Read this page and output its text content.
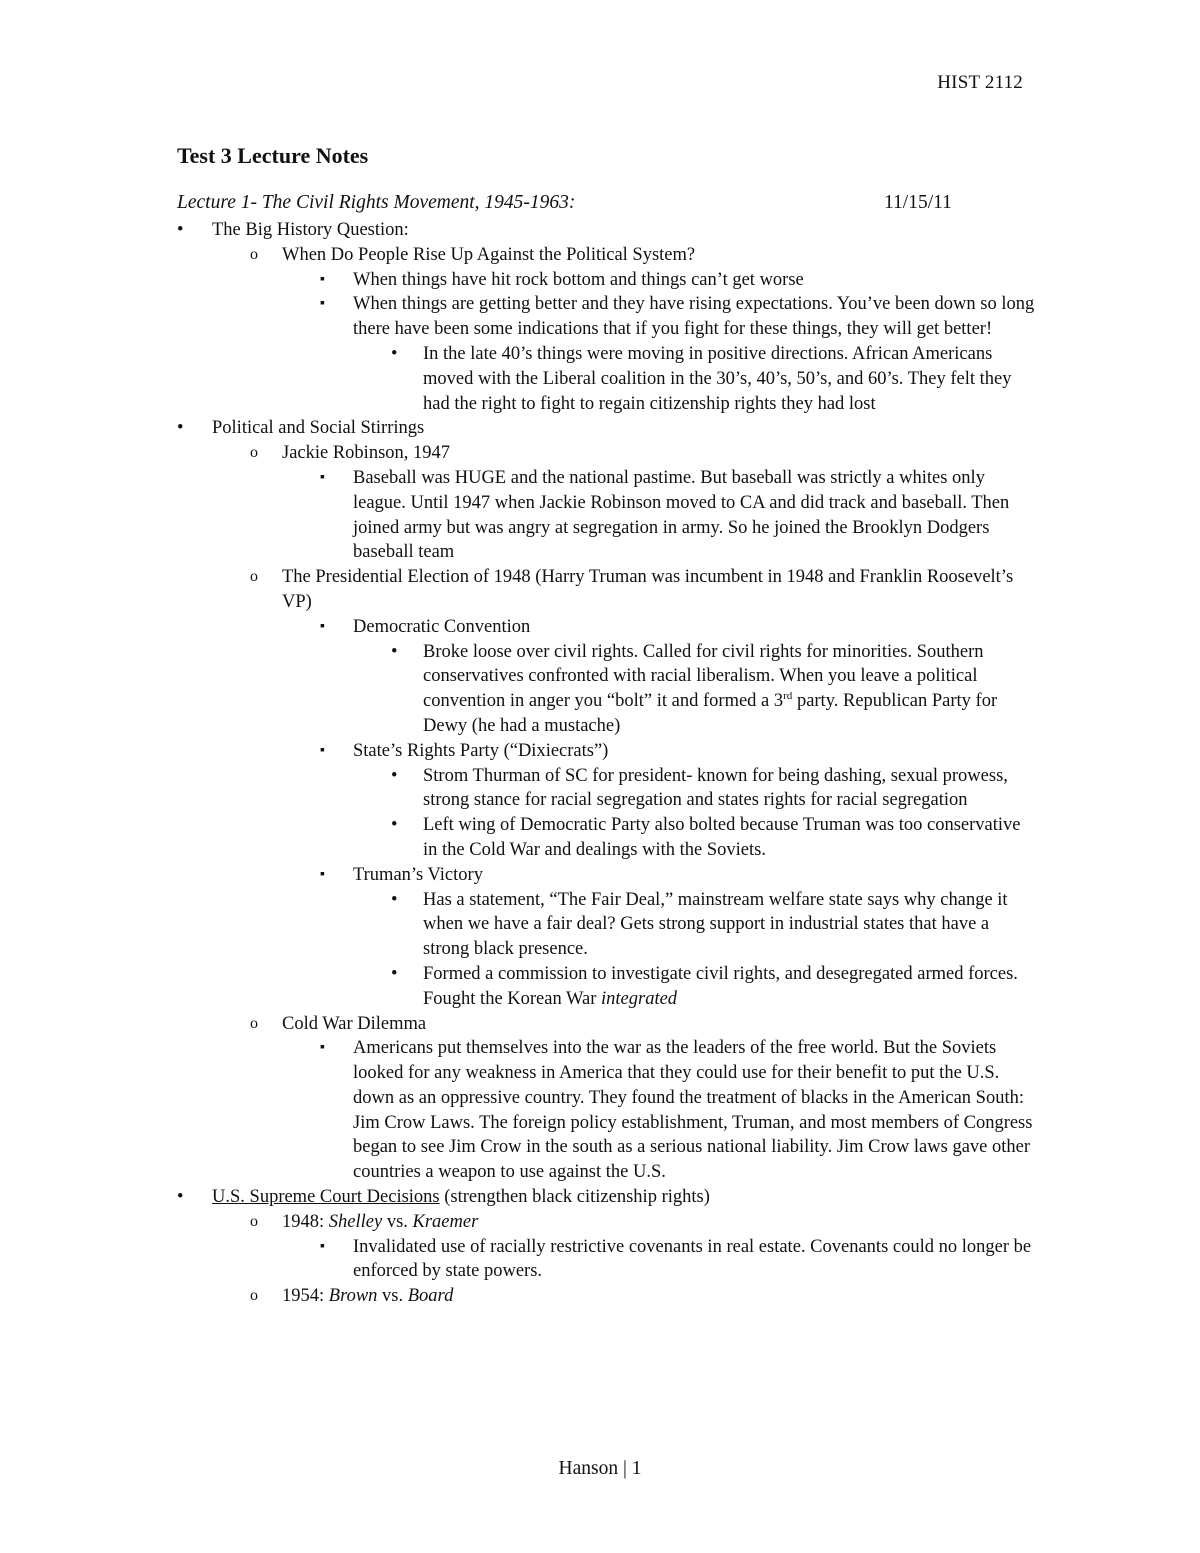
HIST 2112
Test 3 Lecture Notes
Lecture 1- The Civil Rights Movement, 1945-1963:	11/15/11
• The Big History Question:
o When Do People Rise Up Against the Political System?
▪ When things have hit rock bottom and things can’t get worse
▪ When things are getting better and they have rising expectations. You’ve been down so long there have been some indications that if you fight for these things, they will get better!
• In the late 40’s things were moving in positive directions. African Americans moved with the Liberal coalition in the 30’s, 40’s, 50’s, and 60’s. They felt they had the right to fight to regain citizenship rights they had lost
• Political and Social Stirrings
o Jackie Robinson, 1947
▪ Baseball was HUGE and the national pastime. But baseball was strictly a whites only league. Until 1947 when Jackie Robinson moved to CA and did track and baseball. Then joined army but was angry at segregation in army. So he joined the Brooklyn Dodgers baseball team
o The Presidential Election of 1948 (Harry Truman was incumbent in 1948 and Franklin Roosevelt’s VP)
▪ Democratic Convention
• Broke loose over civil rights. Called for civil rights for minorities. Southern conservatives confronted with racial liberalism. When you leave a political convention in anger you “bolt” it and formed a 3rd party. Republican Party for Dewy (he had a mustache)
▪ State’s Rights Party (“Dixiecrats”)
• Strom Thurman of SC for president- known for being dashing, sexual prowess, strong stance for racial segregation and states rights for racial segregation
• Left wing of Democratic Party also bolted because Truman was too conservative in the Cold War and dealings with the Soviets.
▪ Truman’s Victory
• Has a statement, “The Fair Deal,” mainstream welfare state says why change it when we have a fair deal? Gets strong support in industrial states that have a strong black presence.
• Formed a commission to investigate civil rights, and desegregated armed forces. Fought the Korean War integrated
o Cold War Dilemma
▪ Americans put themselves into the war as the leaders of the free world. But the Soviets looked for any weakness in America that they could use for their benefit to put the U.S. down as an oppressive country. They found the treatment of blacks in the American South: Jim Crow Laws. The foreign policy establishment, Truman, and most members of Congress began to see Jim Crow in the south as a serious national liability. Jim Crow laws gave other countries a weapon to use against the U.S.
• U.S. Supreme Court Decisions (strengthen black citizenship rights)
o 1948: Shelley vs. Kraemer
▪ Invalidated use of racially restrictive covenants in real estate. Covenants could no longer be enforced by state powers.
o 1954: Brown vs. Board
Hanson | 1
